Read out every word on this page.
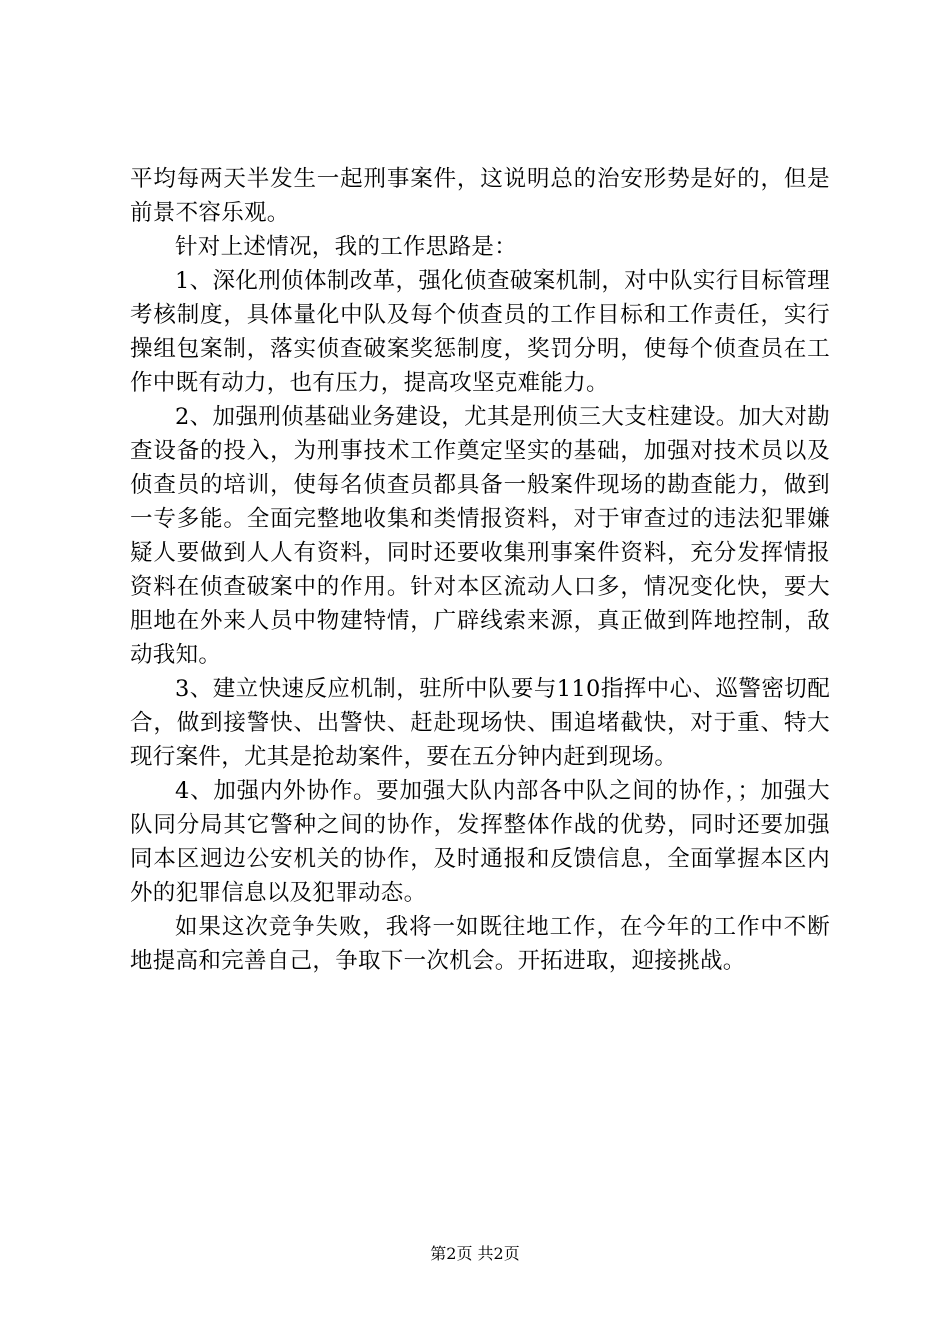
平均每两天半发生一起刑事案件，这说明总的治安形势是好的，但是前景不容乐观。

针对上述情况，我的工作思路是：

1、深化刑侦体制改革，强化侦查破案机制，对中队实行目标管理考核制度，具体量化中队及每个侦查员的工作目标和工作责任，实行操组包案制，落实侦查破案奖惩制度，奖罚分明，使每个侦查员在工作中既有动力，也有压力，提高攻坚克难能力。

2、加强刑侦基础业务建设，尤其是刑侦三大支柱建设。加大对勘查设备的投入，为刑事技术工作奠定坚实的基础，加强对技术员以及侦查员的培训，使每名侦查员都具备一般案件现场的勘查能力，做到一专多能。全面完整地收集和类情报资料，对于审查过的违法犯罪嫌疑人要做到人人有资料，同时还要收集刑事案件资料，充分发挥情报资料在侦查破案中的作用。针对本区流动人口多，情况变化快，要大胆地在外来人员中物建特情，广辟线索来源，真正做到阵地控制，敌动我知。

3、建立快速反应机制，驻所中队要与110指挥中心、巡警密切配合，做到接警快、出警快、赶赴现场快、围追堵截快，对于重、特大现行案件，尤其是抢劫案件，要在五分钟内赶到现场。

4、加强内外协作。要加强大队内部各中队之间的协作，；加强大队同分局其它警种之间的协作，发挥整体作战的优势，同时还要加强同本区迥边公安机关的协作，及时通报和反馈信息，全面掌握本区内外的犯罪信息以及犯罪动态。

如果这次竞争失败，我将一如既往地工作，在今年的工作中不断地提高和完善自己，争取下一次机会。开拓进取，迎接挑战。

第2页 共2页
